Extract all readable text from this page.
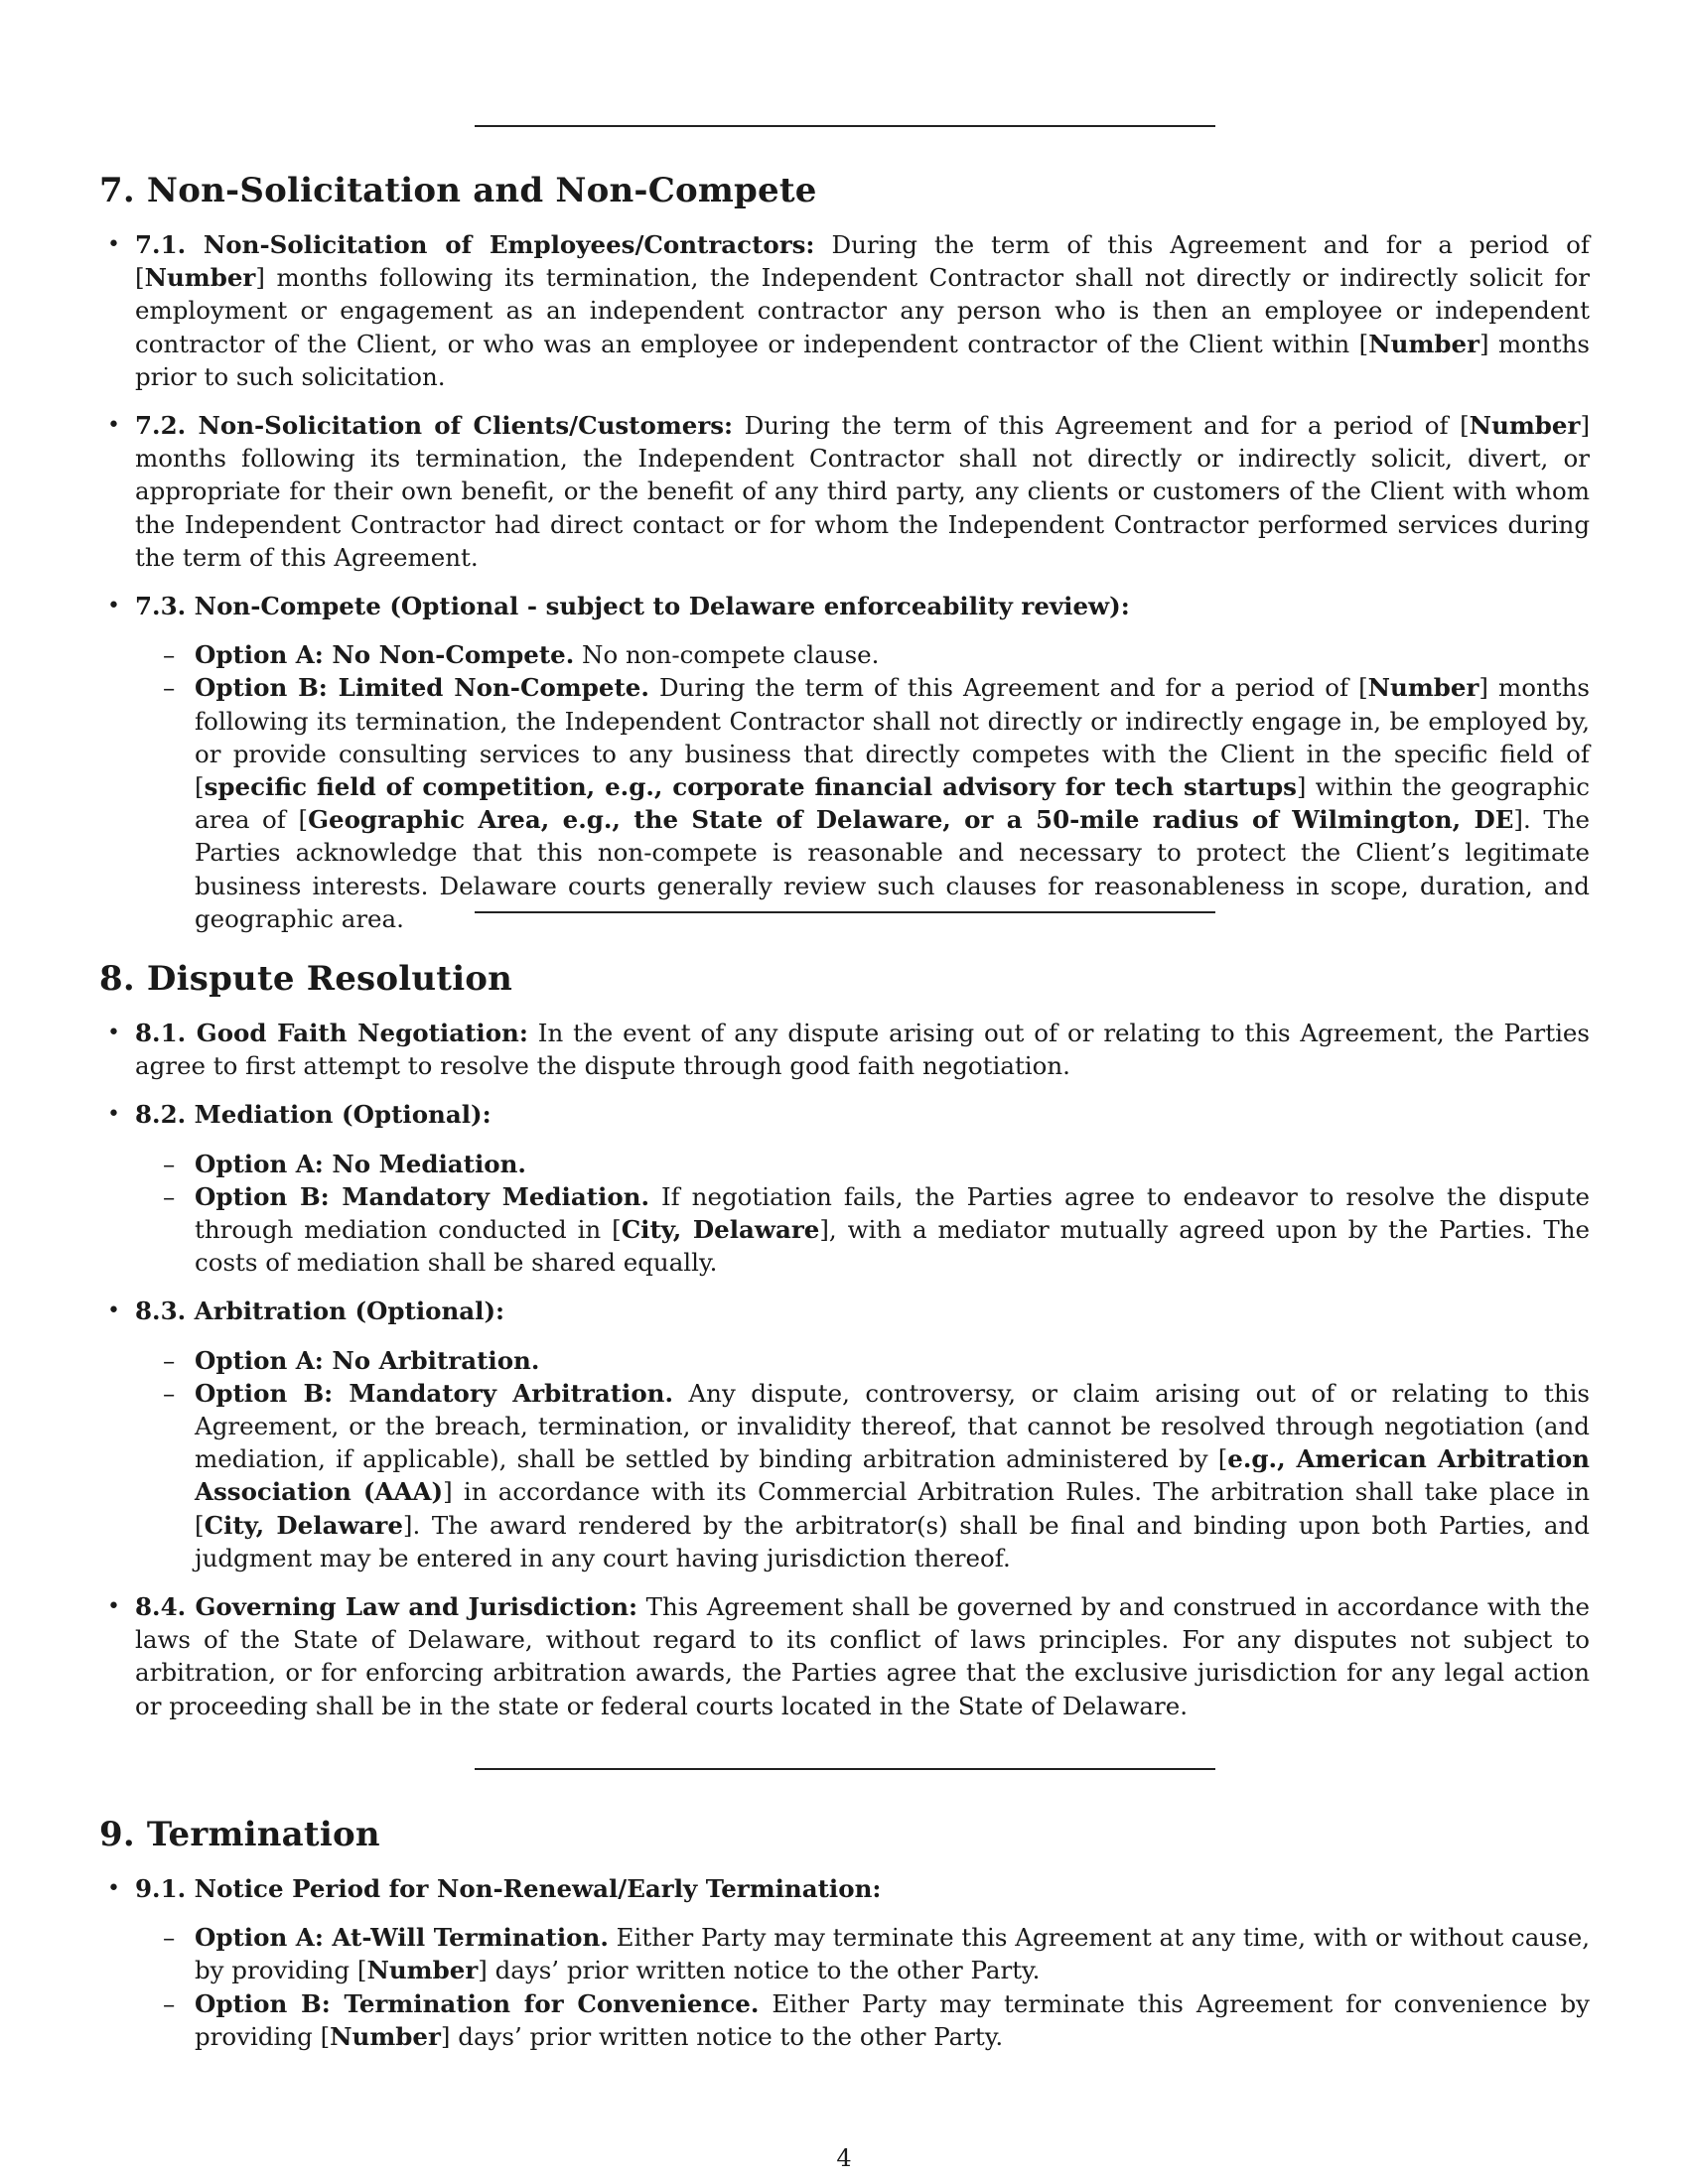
7. Non-Solicitation and Non-Compete
• 7.1. Non-Solicitation of Employees/Contractors: During the term of this Agreement and for a period of [Number] months following its termination, the Independent Contractor shall not directly or indirectly solicit for employment or engagement as an independent contractor any person who is then an employee or independent contractor of the Client, or who was an employee or independent contractor of the Client within [Number] months prior to such solicitation.
• 7.2. Non-Solicitation of Clients/Customers: During the term of this Agreement and for a period of [Number] months following its termination, the Independent Contractor shall not directly or indirectly solicit, divert, or appropriate for their own benefit, or the benefit of any third party, any clients or customers of the Client with whom the Independent Contractor had direct contact or for whom the Independent Contractor performed services during the term of this Agreement.
• 7.3. Non-Compete (Optional - subject to Delaware enforceability review):
– Option A: No Non-Compete. No non-compete clause.
– Option B: Limited Non-Compete. During the term of this Agreement and for a period of [Number] months following its termination, the Independent Contractor shall not directly or indirectly engage in, be employed by, or provide consulting services to any business that directly competes with the Client in the specific field of [specific field of competition, e.g., corporate financial advisory for tech startups] within the geographic area of [Geographic Area, e.g., the State of Delaware, or a 50-mile radius of Wilmington, DE]. The Parties acknowledge that this non-compete is reasonable and necessary to protect the Client’s legitimate business interests. Delaware courts generally review such clauses for reasonableness in scope, duration, and geographic area.
8. Dispute Resolution
• 8.1. Good Faith Negotiation: In the event of any dispute arising out of or relating to this Agreement, the Parties agree to first attempt to resolve the dispute through good faith negotiation.
• 8.2. Mediation (Optional):
– Option A: No Mediation.
– Option B: Mandatory Mediation. If negotiation fails, the Parties agree to endeavor to resolve the dispute through mediation conducted in [City, Delaware], with a mediator mutually agreed upon by the Parties. The costs of mediation shall be shared equally.
• 8.3. Arbitration (Optional):
– Option A: No Arbitration.
– Option B: Mandatory Arbitration. Any dispute, controversy, or claim arising out of or relating to this Agreement, or the breach, termination, or invalidity thereof, that cannot be resolved through negotiation (and mediation, if applicable), shall be settled by binding arbitration administered by [e.g., American Arbitration Association (AAA)] in accordance with its Commercial Arbitration Rules. The arbitration shall take place in [City, Delaware]. The award rendered by the arbitrator(s) shall be final and binding upon both Parties, and judgment may be entered in any court having jurisdiction thereof.
• 8.4. Governing Law and Jurisdiction: This Agreement shall be governed by and construed in accordance with the laws of the State of Delaware, without regard to its conflict of laws principles. For any disputes not subject to arbitration, or for enforcing arbitration awards, the Parties agree that the exclusive jurisdiction for any legal action or proceeding shall be in the state or federal courts located in the State of Delaware.
9. Termination
• 9.1. Notice Period for Non-Renewal/Early Termination:
– Option A: At-Will Termination. Either Party may terminate this Agreement at any time, with or without cause, by providing [Number] days’ prior written notice to the other Party.
– Option B: Termination for Convenience. Either Party may terminate this Agreement for convenience by providing [Number] days’ prior written notice to the other Party.
4
